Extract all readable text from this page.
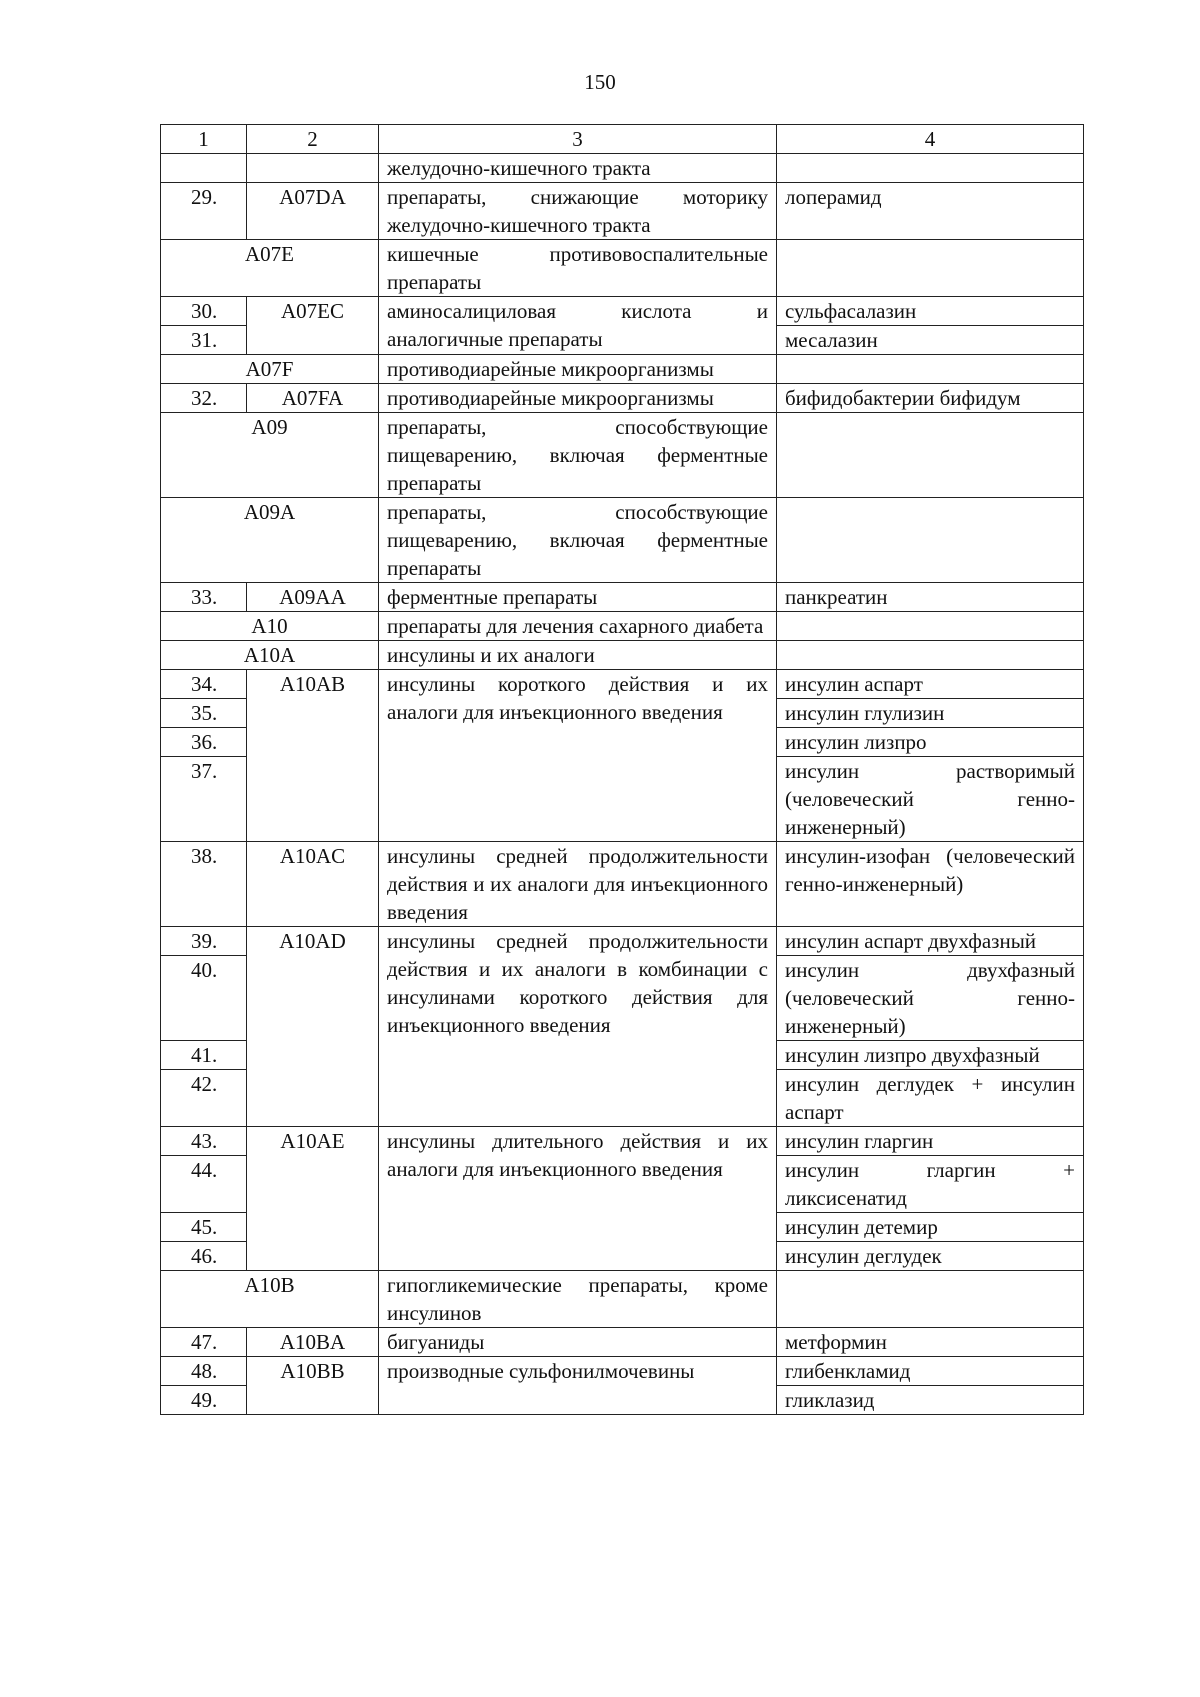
150
1	2	3	4
		желудочно-кишечного тракта	
29.	A07DA	препараты, снижающие моторику желудочно-кишечного тракта	лоперамид
A07E		кишечные противовоспалительные препараты	
30.	A07EC	аминосалициловая кислота и аналогичные препараты	сульфасалазин
31.			месалазин
A07F		противодиарейные микроорганизмы	
32.	A07FA	противодиарейные микроорганизмы	бифидобактерии бифидум
A09		препараты, способствующие пищеварению, включая ферментные препараты	
A09A		препараты, способствующие пищеварению, включая ферментные препараты	
33.	A09AA	ферментные препараты	панкреатин
A10		препараты для лечения сахарного диабета	
A10A		инсулины и их аналоги	
34.	A10AB	инсулины короткого действия и их аналоги для инъекционного введения	инсулин аспарт
35.			инсулин глулизин
36.			инсулин лизпро
37.			инсулин растворимый (человеческий генно-инженерный)
38.	A10AC	инсулины средней продолжительности действия и их аналоги для инъекционного введения	инсулин-изофан (человеческий генно-инженерный)
39.	A10AD	инсулины средней продолжительности действия и их аналоги в комбинации с инсулинами короткого действия для инъекционного введения	инсулин аспарт двухфазный
40.			инсулин двухфазный (человеческий генно-инженерный)
41.			инсулин лизпро двухфазный
42.			инсулин деглудек + инсулин аспарт
43.	A10AE	инсулины длительного действия и их аналоги для инъекционного введения	инсулин гларгин
44.			инсулин гларгин + ликсисенатид
45.			инсулин детемир
46.			инсулин деглудек
A10B		гипогликемические препараты, кроме инсулинов	
47.	A10BA	бигуаниды	метформин
48.	A10BB	производные сульфонилмочевины	глибенкламид
49.			гликлазид
